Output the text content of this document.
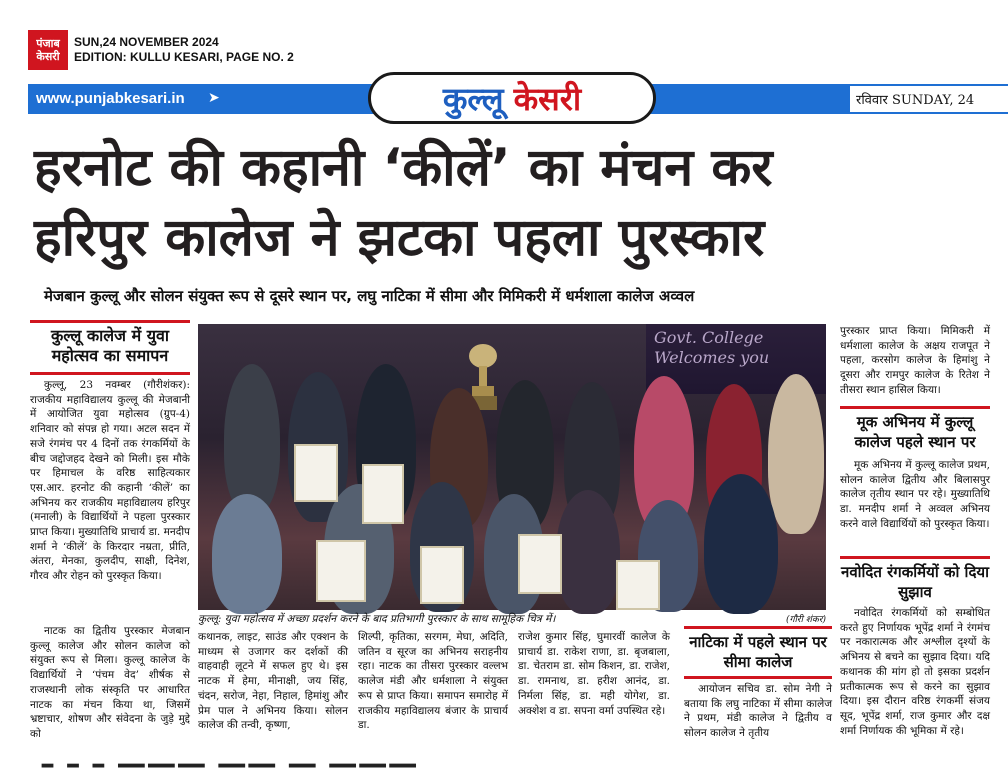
पंजाब
केसरी
SUN,24 NOVEMBER 2024
EDITION: KULLU KESARI, PAGE NO. 2
www.punjabkesari.in ➤	कुल्लू केसरी	रविवार SUNDAY, 24
हरनोट की कहानी ‘कीलें’ का मंचन कर
हरिपुर कालेज ने झटका पहला पुरस्कार
मेजबान कुल्लू और सोलन संयुक्त रूप से दूसरे स्थान पर, लघु नाटिका में सीमा और मिमिकरी में धर्मशाला कालेज अव्वल
कुल्लू कालेज में युवा महोत्सव का समापन
कुल्लू, 23 नवम्बर (गौरीशंकर): राजकीय महाविद्यालय कुल्लू की मेजबानी में आयोजित युवा महोत्सव (ग्रुप-4) शनिवार को संपन्न हो गया। अटल सदन में सजे रंगमंच पर 4 दिनों तक रंगकर्मियों के बीच जद्दोजहद देखने को मिली। इस मौके पर हिमाचल के वरिष्ठ साहित्यकार एस.आर. हरनोट की कहानी ‘कीलें’ का अभिनय कर राजकीय महाविद्यालय हरिपुर (मनाली) के विद्यार्थियों ने पहला पुरस्कार प्राप्त किया। मुख्यातिथि प्राचार्य डा. मनदीप शर्मा ने ‘कीलें’ के किरदार नम्रता, प्रीति, अंतरा, मेनका, कुलदीप, साक्षी, दिनेश, गौरव और रोहन को पुरस्कृत किया।
नाटक का द्वितीय पुरस्कार मेजबान कुल्लू कालेज और सोलन कालेज को संयुक्त रूप से मिला। कुल्लू कालेज के विद्यार्थियों ने ‘पंचम वेद’ शीर्षक से राजस्थानी लोक संस्कृति पर आधारित नाटक का मंचन किया था, जिसमें भ्रष्टाचार, शोषण और संवेदना के जुड़े मुद्दे को
Govt. College
Welcomes you
कुल्लू: युवा महोत्सव में अच्छा प्रदर्शन करने के बाद प्रतिभागी पुरस्कार के साथ सामूहिक चित्र में।	(गौरी शंकर)
कथानक, लाइट, साउंड और एक्शन के माध्यम से उजागर कर दर्शकों की वाहवाही लूटने में सफल हुए थे। इस नाटक में हेमा, मीनाक्षी, जय सिंह, चंदन, सरोज, नेहा, निहाल, हिमांशु और प्रेम पाल ने अभिनय किया। सोलन कालेज की तन्वी, कृष्णा,
शिल्पी, कृतिका, सरगम, मेघा, अदिति, जतिन व सूरज का अभिनय सराहनीय रहा। नाटक का तीसरा पुरस्कार वल्लभ कालेज मंडी और धर्मशाला ने संयुक्त रूप से प्राप्त किया। समापन समारोह में राजकीय महाविद्यालय बंजार के प्राचार्य डा.
राजेश कुमार सिंह, घुमारवीं कालेज के प्राचार्य डा. राकेश राणा, डा. बृजबाला, डा. चेतराम डा. सोम किशन, डा. राजेश, डा. रामनाथ, डा. हरीश आनंद, डा. निर्मला सिंह, डा. मही योगेश, डा. अक्शेश व डा. सपना वर्मा उपस्थित रहे।
नाटिका में पहले स्थान पर सीमा कालेज
आयोजन सचिव डा. सोम नेगी ने बताया कि लघु नाटिका में सीमा कालेज ने प्रथम, मंडी कालेज ने द्वितीय व सोलन कालेज ने तृतीय
पुरस्कार प्राप्त किया। मिमिकरी में धर्मशाला कालेज के अक्षय राजपूत ने पहला, करसोग कालेज के हिमांशु ने दूसरा और रामपुर कालेज के रितेश ने तीसरा स्थान हासिल किया।
मूक अभिनय में कुल्लू कालेज पहले स्थान पर
मूक अभिनय में कुल्लू कालेज प्रथम, सोलन कालेज द्वितीय और बिलासपुर कालेज तृतीय स्थान पर रहे। मुख्यातिथि डा. मनदीप शर्मा ने अव्वल अभिनय करने वाले विद्यार्थियों को पुरस्कृत किया।
नवोदित रंगकर्मियों को दिया सुझाव
नवोदित रंगकर्मियों को सम्बोधित करते हुए निर्णायक भूपेंद्र शर्मा ने रंगमंच पर नकारात्मक और अश्लील दृश्यों के अभिनय से बचने का सुझाव दिया। यदि कथानक की मांग हो तो इसका प्रदर्शन प्रतीकात्मक रूप से करने का सुझाव दिया। इस दौरान वरिष्ठ रंगकर्मी संजय सूद, भूपेंद्र शर्मा, राज कुमार और दक्ष शर्मा निर्णायक की भूमिका में रहे।
– – – ——— —— — ———
